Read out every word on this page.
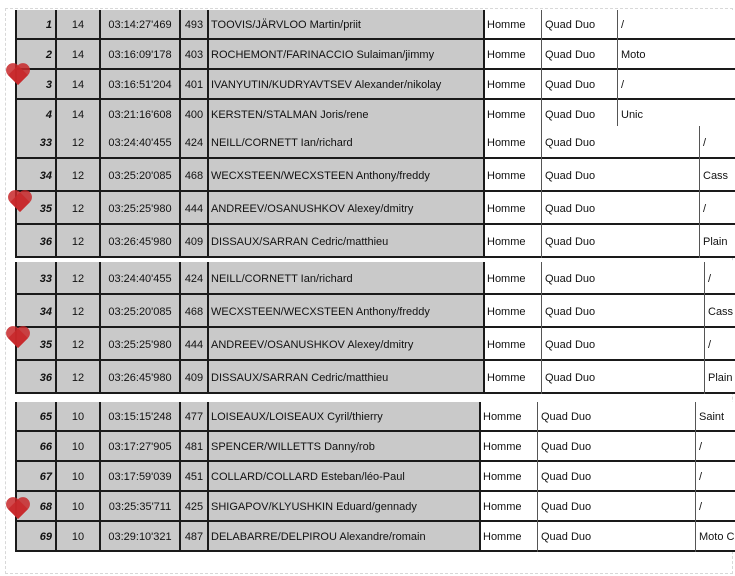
1	14	03:14:27'469	493 TOOVIS/JÄRVLOO Martin/priit	Homme	Quad Duo	/
2	14	03:16:09'178	403 ROCHEMONT/FARINACCIO Sulaiman/jimmy	Homme	Quad Duo	Moto
3	14	03:16:51'204	401 IVANYUTIN/KUDRYAVTSEV Alexander/nikolay	Homme	Quad Duo	/
4	14	03:21:16'608	400 KERSTEN/STALMAN Joris/rene	Homme	Quad Duo	Unic
33	12	03:24:40'455	424 NEILL/CORNETT Ian/richard	Homme	Quad Duo	/
34	12	03:25:20'085	468 WECXSTEEN/WECXSTEEN Anthony/freddy	Homme	Quad Duo	Cass
35	12	03:25:25'980	444 ANDREEV/OSANUSHKOV Alexey/dmitry	Homme	Quad Duo	/
36	12	03:26:45'980	409 DISSAUX/SARRAN Cedric/matthieu	Homme	Quad Duo	Plain
33	12	03:24:40'455	424 NEILL/CORNETT Ian/richard	Homme	Quad Duo	/
34	12	03:25:20'085	468 WECXSTEEN/WECXSTEEN Anthony/freddy	Homme	Quad Duo	Cass
35	12	03:25:25'980	444 ANDREEV/OSANUSHKOV Alexey/dmitry	Homme	Quad Duo	/
36	12	03:26:45'980	409 DISSAUX/SARRAN Cedric/matthieu	Homme	Quad Duo	Plain
65	10	03:15:15'248	477 LOISEAUX/LOISEAUX Cyril/thierry	Homme	Quad Duo	Saint
66	10	03:17:27'905	481 SPENCER/WILLETTS Danny/rob	Homme	Quad Duo	/
67	10	03:17:59'039	451 COLLARD/COLLARD Esteban/léo-Paul	Homme	Quad Duo	/
68	10	03:25:35'711	425 SHIGAPOV/KLYUSHKIN Eduard/gennady	Homme	Quad Duo	/
69	10	03:29:10'321	487 DELABARRE/DELPIROU Alexandre/romain	Homme	Quad Duo	Moto C
